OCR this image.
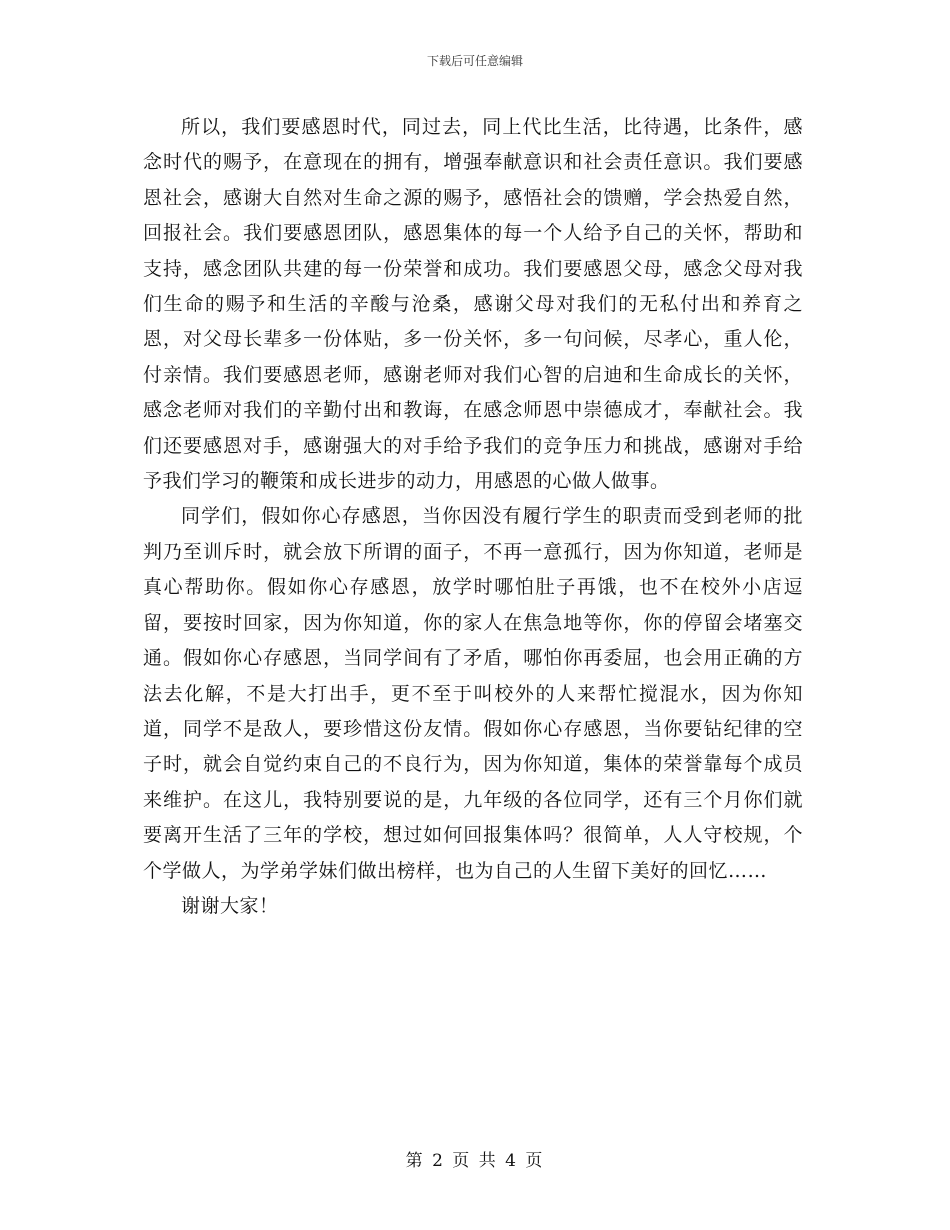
下载后可任意编辑

所以，我们要感恩时代，同过去，同上代比生活，比待遇，比条件，感念时代的赐予，在意现在的拥有，增强奉献意识和社会责任意识。我们要感恩社会，感谢大自然对生命之源的赐予，感悟社会的馈赠，学会热爱自然，回报社会。我们要感恩团队，感恩集体的每一个人给予自己的关怀，帮助和支持，感念团队共建的每一份荣誉和成功。我们要感恩父母，感念父母对我们生命的赐予和生活的辛酸与沧桑，感谢父母对我们的无私付出和养育之恩，对父母长辈多一份体贴，多一份关怀，多一句问候，尽孝心，重人伦，付亲情。我们要感恩老师，感谢老师对我们心智的启迪和生命成长的关怀，感念老师对我们的辛勤付出和教诲，在感念师恩中崇德成才，奉献社会。我们还要感恩对手，感谢强大的对手给予我们的竞争压力和挑战，感谢对手给予我们学习的鞭策和成长进步的动力，用感恩的心做人做事。

同学们，假如你心存感恩，当你因没有履行学生的职责而受到老师的批判乃至训斥时，就会放下所谓的面子，不再一意孤行，因为你知道，老师是真心帮助你。假如你心存感恩，放学时哪怕肚子再饿，也不在校外小店逗留，要按时回家，因为你知道，你的家人在焦急地等你，你的停留会堵塞交通。假如你心存感恩，当同学间有了矛盾，哪怕你再委屈，也会用正确的方法去化解，不是大打出手，更不至于叫校外的人来帮忙搅混水，因为你知道，同学不是敌人，要珍惜这份友情。假如你心存感恩，当你要钻纪律的空子时，就会自觉约束自己的不良行为，因为你知道，集体的荣誉靠每个成员来维护。在这儿，我特别要说的是，九年级的各位同学，还有三个月你们就要离开生活了三年的学校，想过如何回报集体吗？很简单，人人守校规，个个学做人，为学弟学妹们做出榜样，也为自己的人生留下美好的回忆……

谢谢大家！

第 2 页 共 4 页
